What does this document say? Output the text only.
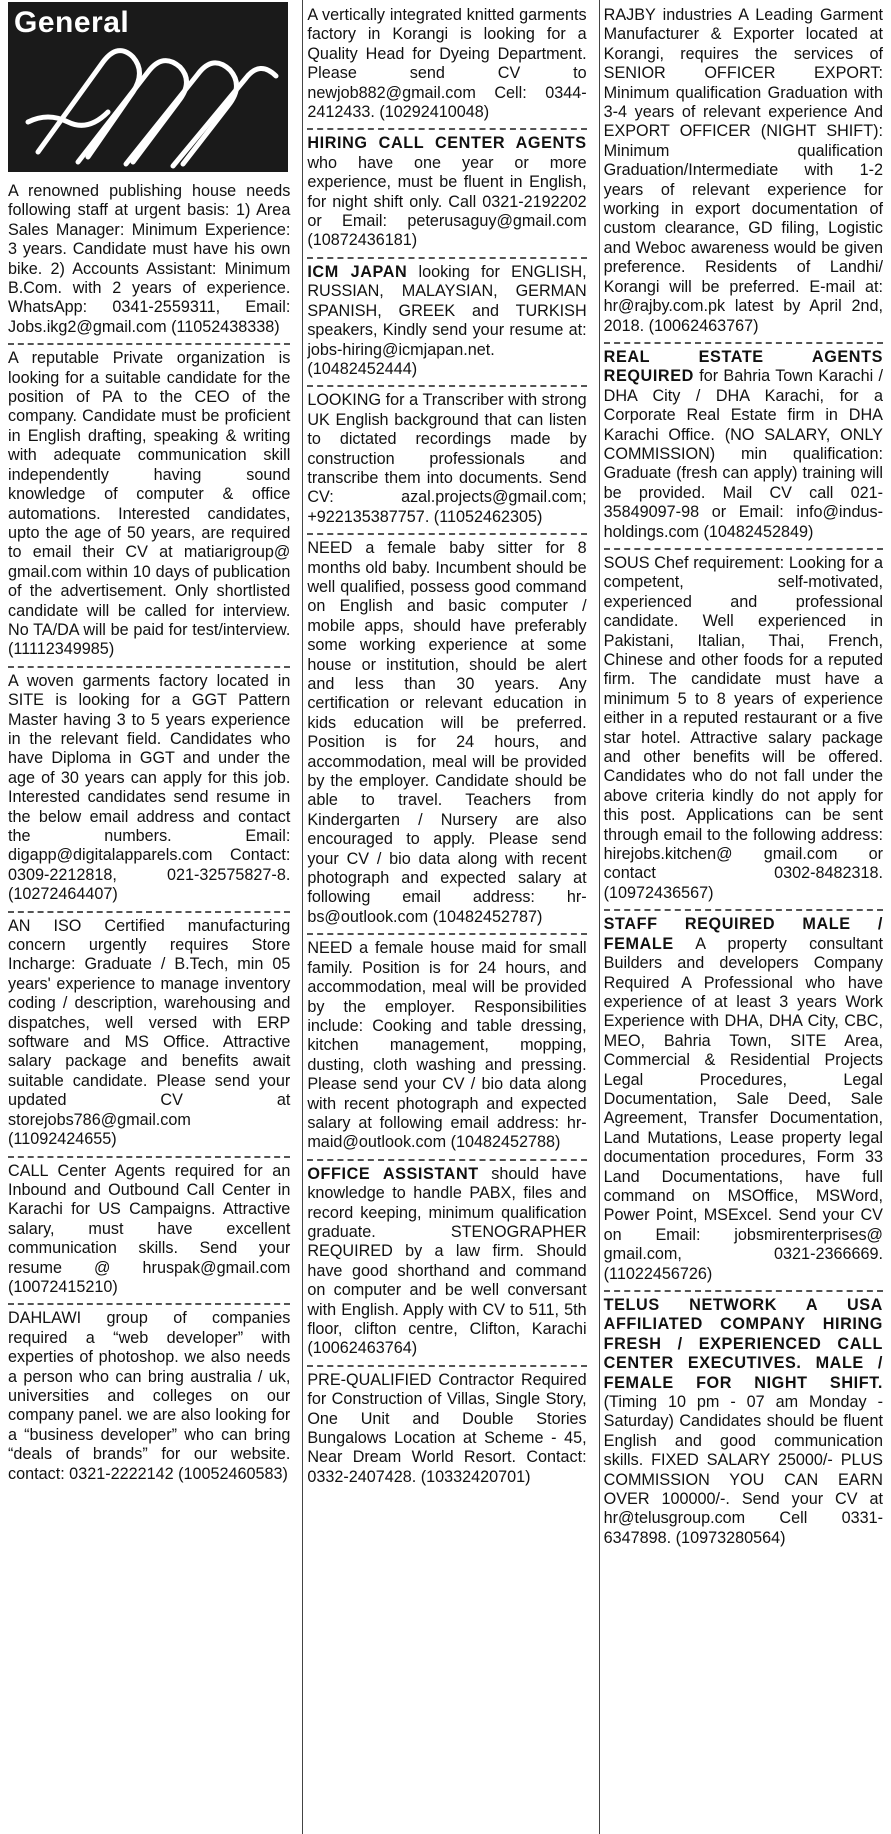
General

A renowned publishing house needs following staff at urgent basis: 1) Area Sales Manager: Minimum Experience: 3 years. Candidate must have his own bike. 2) Accounts Assistant: Minimum B.Com. with 2 years of experience. WhatsApp: 0341-2559311, Email: Jobs.ikg2@gmail.com (11052438338)

A reputable Private organization is looking for a suitable candidate for the position of PA to the CEO of the company. Candidate must be proficient in English drafting, speaking & writing with adequate communication skill independently having sound knowledge of computer & office automations. Interested candidates, upto the age of 50 years, are required to email their CV at matiarigroup@ gmail.com within 10 days of publication of the advertisement. Only shortlisted candidate will be called for interview. No TA/DA will be paid for test/interview. (11112349985)

A woven garments factory located in SITE is looking for a GGT Pattern Master having 3 to 5 years experience in the relevant field. Candidates who have Diploma in GGT and under the age of 30 years can apply for this job. Interested candidates send resume in the below email address and contact the numbers. Email: digapp@digitalapparels.com Contact: 0309-2212818, 021-32575827-8. (10272464407)

AN ISO Certified manufacturing concern urgently requires Store Incharge: Graduate / B.Tech, min 05 years' experience to manage inventory coding / description, warehousing and dispatches, well versed with ERP software and MS Office. Attractive salary package and benefits await suitable candidate. Please send your updated CV at storejobs786@gmail.com (11092424655)

CALL Center Agents required for an Inbound and Outbound Call Center in Karachi for US Campaigns. Attractive salary, must have excellent communication skills. Send your resume @ hruspak@gmail.com (10072415210)

DAHLAWI group of companies required a “web developer” with experties of photoshop. we also needs a person who can bring australia / uk, universities and colleges on our company panel. we are also looking for a “business developer” who can bring “deals of brands” for our website. contact: 0321-2222142 (10052460583)

A vertically integrated knitted garments factory in Korangi is looking for a Quality Head for Dyeing Department. Please send CV to newjob882@gmail.com Cell: 0344-2412433. (10292410048)

HIRING CALL CENTER AGENTS who have one year or more experience, must be fluent in English, for night shift only. Call 0321-2192202 or Email: peterusaguy@gmail.com (10872436181)

ICM JAPAN looking for ENGLISH, RUSSIAN, MALAYSIAN, GERMAN SPANISH, GREEK and TURKISH speakers, Kindly send your resume at: jobs-hiring@icmjapan.net. (10482452444)

LOOKING for a Transcriber with strong UK English background that can listen to dictated recordings made by construction professionals and transcribe them into documents. Send CV: azal.projects@gmail.com; +922135387757. (11052462305)

NEED a female baby sitter for 8 months old baby. Incumbent should be well qualified, possess good command on English and basic computer / mobile apps, should have preferably some working experience at some house or institution, should be alert and less than 30 years. Any certification or relevant education in kids education will be preferred. Position is for 24 hours, and accommodation, meal will be provided by the employer. Candidate should be able to travel. Teachers from Kindergarten / Nursery are also encouraged to apply. Please send your CV / bio data along with recent photograph and expected salary at following email address: hr-bs@outlook.com (10482452787)

NEED a female house maid for small family. Position is for 24 hours, and accommodation, meal will be provided by the employer. Responsibilities include: Cooking and table dressing, kitchen management, mopping, dusting, cloth washing and pressing. Please send your CV / bio data along with recent photograph and expected salary at following email address: hr-maid@outlook.com (10482452788)

OFFICE ASSISTANT should have knowledge to handle PABX, files and record keeping, minimum qualification graduate. STENOGRAPHER REQUIRED by a law firm. Should have good shorthand and command on computer and be well conversant with English. Apply with CV to 511, 5th floor, clifton centre, Clifton, Karachi (10062463764)

PRE-QUALIFIED Contractor Required for Construction of Villas, Single Story, One Unit and Double Stories Bungalows Location at Scheme - 45, Near Dream World Resort. Contact: 0332-2407428. (10332420701)

RAJBY industries A Leading Garment Manufacturer & Exporter located at Korangi, requires the services of SENIOR OFFICER EXPORT: Minimum qualification Graduation with 3-4 years of relevant experience And EXPORT OFFICER (NIGHT SHIFT): Minimum qualification Graduation/Intermediate with 1-2 years of relevant experience for working in export documentation of custom clearance, GD filing, Logistic and Weboc awareness would be given preference. Residents of Landhi/ Korangi will be preferred. E-mail at: hr@rajby.com.pk latest by April 2nd, 2018. (10062463767)

REAL ESTATE AGENTS REQUIRED for Bahria Town Karachi / DHA City / DHA Karachi, for a Corporate Real Estate firm in DHA Karachi Office. (NO SALARY, ONLY COMMISSION) min qualification: Graduate (fresh can apply) training will be provided. Mail CV call 021-35849097-98 or Email: info@indus-holdings.com (10482452849)

SOUS Chef requirement: Looking for a competent, self-motivated, experienced and professional candidate. Well experienced in Pakistani, Italian, Thai, French, Chinese and other foods for a reputed firm. The candidate must have a minimum 5 to 8 years of experience either in a reputed restaurant or a five star hotel. Attractive salary package and other benefits will be offered. Candidates who do not fall under the above criteria kindly do not apply for this post. Applications can be sent through email to the following address: hirejobs.kitchen@ gmail.com or contact 0302-8482318. (10972436567)

STAFF REQUIRED MALE / FEMALE A property consultant Builders and developers Company Required A Professional who have experience of at least 3 years Work Experience with DHA, DHA City, CBC, MEO, Bahria Town, SITE Area, Commercial & Residential Projects Legal Procedures, Legal Documentation, Sale Deed, Sale Agreement, Transfer Documentation, Land Mutations, Lease property legal documentation procedures, Form 33 Land Documentations, have full command on MSOffice, MSWord, Power Point, MSExcel. Send your CV on Email: jobsmirenterprises@ gmail.com, 0321-2366669. (11022456726)

TELUS NETWORK A USA AFFILIATED COMPANY HIRING FRESH / EXPERIENCED CALL CENTER EXECUTIVES. MALE / FEMALE FOR NIGHT SHIFT. (Timing 10 pm - 07 am Monday - Saturday) Candidates should be fluent English and good communication skills. FIXED SALARY 25000/- PLUS COMMISSION YOU CAN EARN OVER 100000/-. Send your CV at hr@telusgroup.com Cell 0331-6347898. (10973280564)
